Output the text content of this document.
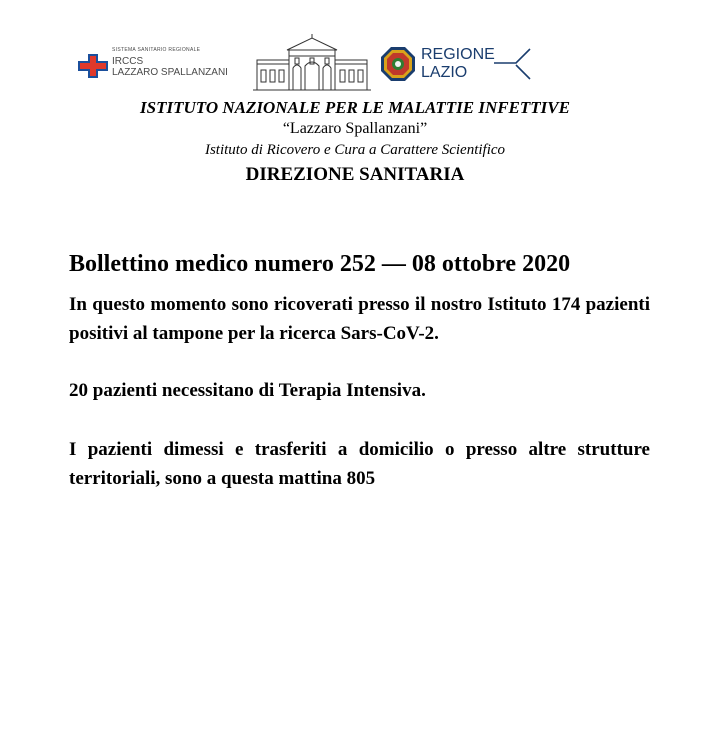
SISTEMA SANITARIO REGIONALE
IRCCS
LAZZARO SPALLANZANI
REGIONE
LAZIO
ISTITUTO NAZIONALE PER LE MALATTIE INFETTIVE
“Lazzaro Spallanzani”
Istituto di Ricovero e Cura a Carattere Scientifico
DIREZIONE SANITARIA

Bollettino medico numero 252 — 08 ottobre 2020

In questo momento sono ricoverati presso il nostro Istituto 174 pazienti positivi al tampone per la ricerca Sars-CoV-2.

20 pazienti necessitano di Terapia Intensiva.

I pazienti dimessi e trasferiti a domicilio o presso altre strutture territoriali, sono a questa mattina 805
